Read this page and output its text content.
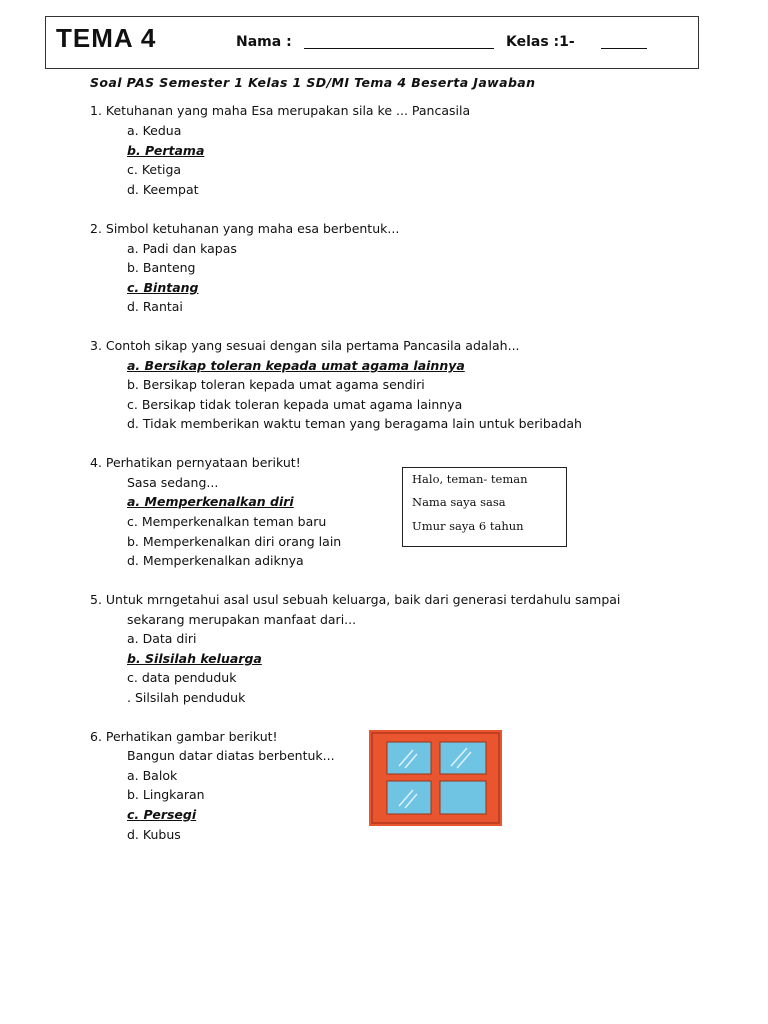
TEMA 4	Nama :	Kelas :1-
Soal PAS Semester 1 Kelas 1 SD/MI Tema 4 Beserta Jawaban
1. Ketuhanan yang maha Esa merupakan sila ke ... Pancasila
a. Kedua
b. Pertama
c. Ketiga
d. Keempat
2. Simbol ketuhanan yang maha esa berbentuk...
a. Padi dan kapas
b. Banteng
c. Bintang
d. Rantai
3. Contoh sikap yang sesuai dengan sila pertama Pancasila adalah...
a. Bersikap toleran kepada umat agama lainnya
b. Bersikap toleran kepada umat agama sendiri
c. Bersikap tidak toleran kepada umat agama lainnya
d. Tidak memberikan waktu teman yang beragama lain untuk beribadah
4. Perhatikan pernyataan berikut!
Sasa sedang...
a. Memperkenalkan diri
c. Memperkenalkan teman baru
b. Memperkenalkan diri orang lain
d. Memperkenalkan adiknya
Halo, teman- teman
Nama saya sasa
Umur saya 6 tahun
5. Untuk mrngetahui asal usul sebuah keluarga, baik dari generasi terdahulu sampai
sekarang merupakan manfaat dari...
a. Data diri
b. Silsilah keluarga
c. data penduduk
. Silsilah penduduk
6. Perhatikan gambar berikut!
Bangun datar diatas berbentuk...
a. Balok
b. Lingkaran
c. Persegi
d. Kubus
